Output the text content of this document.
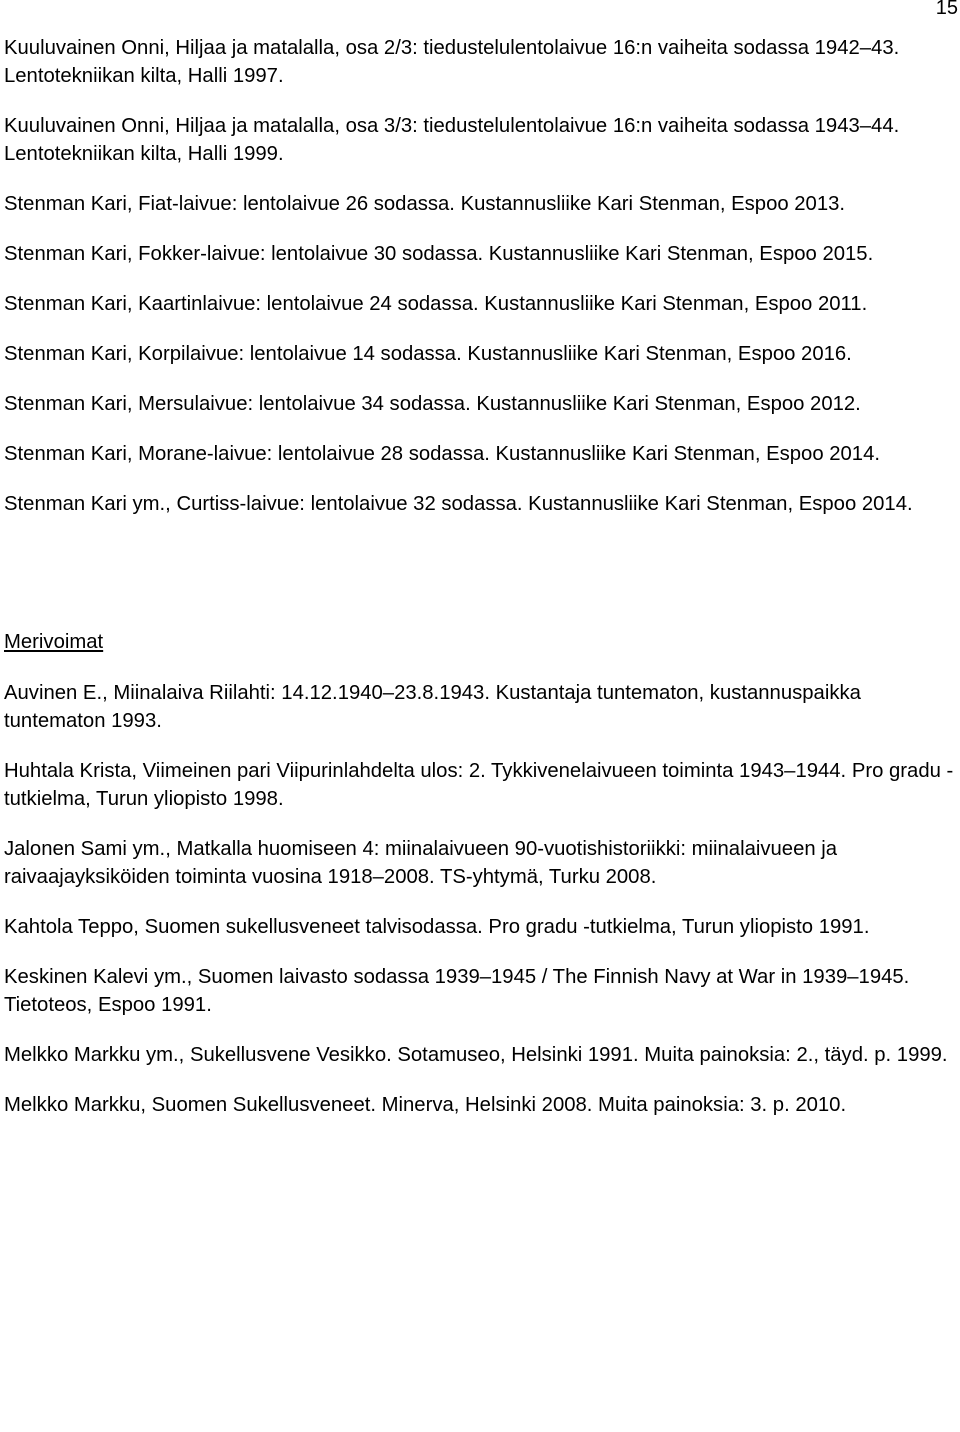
15

Kuuluvainen Onni, Hiljaa ja matalalla, osa 2/3: tiedustelulentolaivue 16:n vaiheita sodassa 1942–43. Lentotekniikan kilta, Halli 1997.

Kuuluvainen Onni, Hiljaa ja matalalla, osa 3/3: tiedustelulentolaivue 16:n vaiheita sodassa 1943–44. Lentotekniikan kilta, Halli 1999.

Stenman Kari, Fiat-laivue: lentolaivue 26 sodassa. Kustannusliike Kari Stenman, Espoo 2013.

Stenman Kari, Fokker-laivue: lentolaivue 30 sodassa. Kustannusliike Kari Stenman, Espoo 2015.

Stenman Kari, Kaartinlaivue: lentolaivue 24 sodassa. Kustannusliike Kari Stenman, Espoo 2011.

Stenman Kari, Korpilaivue: lentolaivue 14 sodassa. Kustannusliike Kari Stenman, Espoo 2016.

Stenman Kari, Mersulaivue: lentolaivue 34 sodassa. Kustannusliike Kari Stenman, Espoo 2012.

Stenman Kari, Morane-laivue: lentolaivue 28 sodassa. Kustannusliike Kari Stenman, Espoo 2014.

Stenman Kari ym., Curtiss-laivue: lentolaivue 32 sodassa. Kustannusliike Kari Stenman, Espoo 2014.

Merivoimat

Auvinen E., Miinalaiva Riilahti: 14.12.1940–23.8.1943. Kustantaja tuntematon, kustannuspaikka tuntematon 1993.

Huhtala Krista, Viimeinen pari Viipurinlahdelta ulos: 2. Tykkivenelaivueen toiminta 1943–1944. Pro gradu -tutkielma, Turun yliopisto 1998.

Jalonen Sami ym., Matkalla huomiseen 4: miinalaivueen 90-vuotishistoriikki: miinalaivueen ja raivaajayksiköiden toiminta vuosina 1918–2008. TS-yhtymä, Turku 2008.

Kahtola Teppo, Suomen sukellusveneet talvisodassa. Pro gradu -tutkielma, Turun yliopisto 1991.

Keskinen Kalevi ym., Suomen laivasto sodassa 1939–1945 / The Finnish Navy at War in 1939–1945. Tietoteos, Espoo 1991.

Melkko Markku ym., Sukellusvene Vesikko. Sotamuseo, Helsinki 1991. Muita painoksia: 2., täyd. p. 1999.

Melkko Markku, Suomen Sukellusveneet. Minerva, Helsinki 2008. Muita painoksia: 3. p. 2010.
